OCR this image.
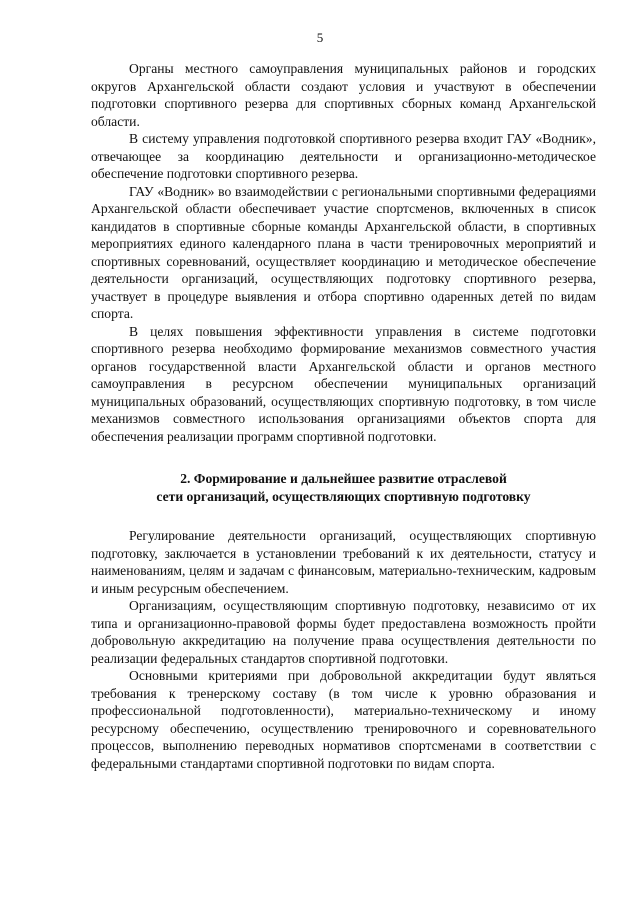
5

Органы местного самоуправления муниципальных районов и городских округов Архангельской области создают условия и участвуют в обеспечении подготовки спортивного резерва для спортивных сборных команд Архангельской области.

В систему управления подготовкой спортивного резерва входит ГАУ «Водник», отвечающее за координацию деятельности и организационно-методическое обеспечение подготовки спортивного резерва.

ГАУ «Водник» во взаимодействии с региональными спортивными федерациями Архангельской области обеспечивает участие спортсменов, включенных в список кандидатов в спортивные сборные команды Архангельской области, в спортивных мероприятиях единого календарного плана в части тренировочных мероприятий и спортивных соревнований, осуществляет координацию и методическое обеспечение деятельности организаций, осуществляющих подготовку спортивного резерва, участвует в процедуре выявления и отбора спортивно одаренных детей по видам спорта.

В целях повышения эффективности управления в системе подготовки спортивного резерва необходимо формирование механизмов совместного участия органов государственной власти Архангельской области и органов местного самоуправления в ресурсном обеспечении муниципальных организаций муниципальных образований, осуществляющих спортивную подготовку, в том числе механизмов совместного использования организациями объектов спорта для обеспечения реализации программ спортивной подготовки.

2. Формирование и дальнейшее развитие отраслевой
сети организаций, осуществляющих спортивную подготовку

Регулирование деятельности организаций, осуществляющих спортивную подготовку, заключается в установлении требований к их деятельности, статусу и наименованиям, целям и задачам с финансовым, материально-техническим, кадровым и иным ресурсным обеспечением.

Организациям, осуществляющим спортивную подготовку, независимо от их типа и организационно-правовой формы будет предоставлена возможность пройти добровольную аккредитацию на получение права осуществления деятельности по реализации федеральных стандартов спортивной подготовки.

Основными критериями при добровольной аккредитации будут являться требования к тренерскому составу (в том числе к уровню образования и профессиональной подготовленности), материально-техническому и иному ресурсному обеспечению, осуществлению тренировочного и соревновательного процессов, выполнению переводных нормативов спортсменами в соответствии с федеральными стандартами спортивной подготовки по видам спорта.
